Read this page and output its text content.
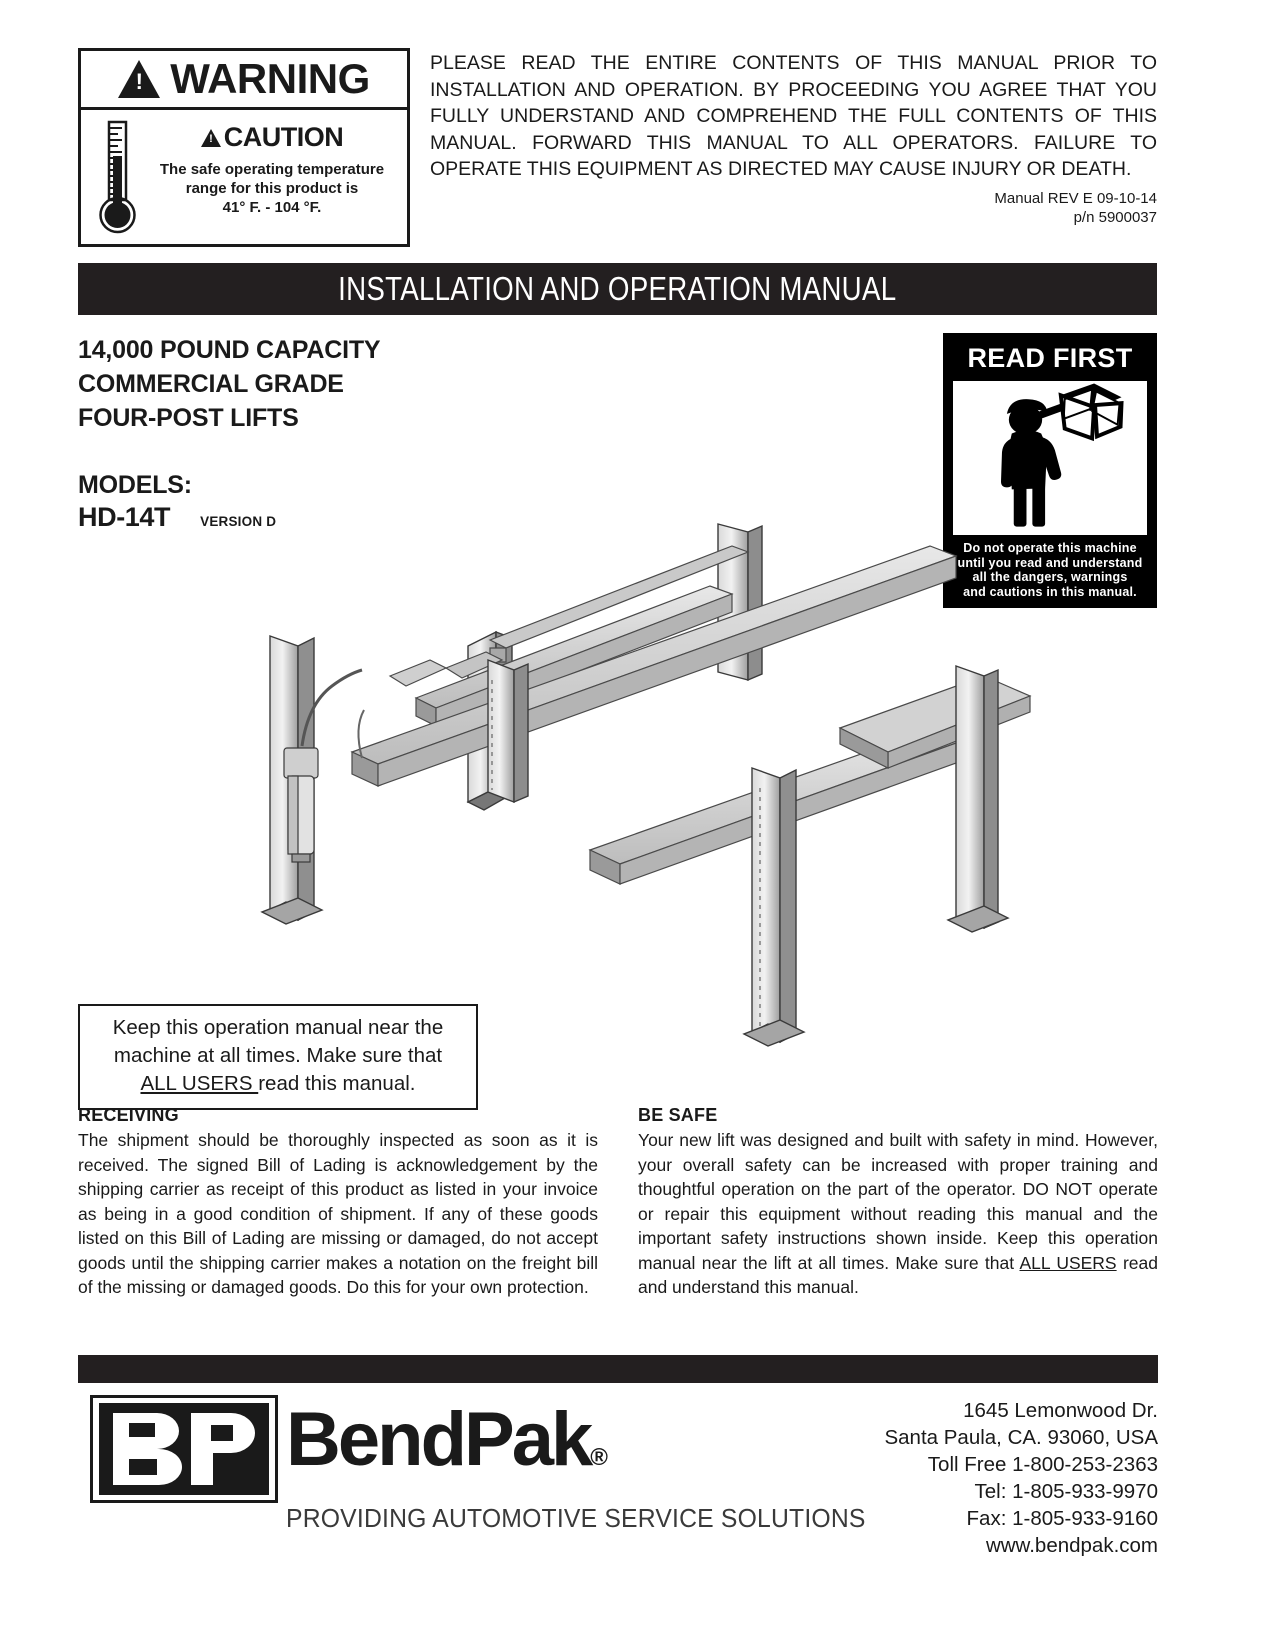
!
WARNING
!
CAUTION
The safe operating temperature
range for this product is
41° F. - 104 °F.

PLEASE READ THE ENTIRE CONTENTS OF THIS MANUAL PRIOR TO INSTALLATION AND OPERATION. BY PROCEEDING YOU AGREE THAT YOU FULLY UNDERSTAND AND COMPREHEND THE FULL CONTENTS OF THIS MANUAL. FORWARD THIS MANUAL TO ALL OPERATORS. FAILURE TO

OPERATE THIS EQUIPMENT AS DIRECTED MAY CAUSE INJURY OR DEATH.

Manual REV E 09-10-14
p/n 5900037
INSTALLATION AND OPERATION MANUAL
14,000 POUND CAPACITY
COMMERCIAL GRADE
FOUR-POST LIFTS
MODELS:
HD-14T VERSION D
READ FIRST
Do not operate this machine
until you read and understand
all the dangers, warnings
and cautions in this manual.
Keep this operation manual near the
machine at all times. Make sure that
ALL USERS read this manual.
RECEIVING

The shipment should be thoroughly inspected as soon as it is received. The signed Bill of Lading is acknowledgement by the shipping carrier as receipt of this product as listed in your invoice as being in a good condition of shipment. If any of these goods listed on this Bill of Lading are missing or damaged, do not accept goods until the shipping carrier makes a notation on the freight bill of the missing or damaged goods. Do this for your own protection.

BE SAFE

Your new lift was designed and built with safety in mind. However, your overall safety can be increased with proper training and thoughtful operation on the part of the operator. DO NOT operate or repair this equipment without reading this manual and the important safety instructions shown inside. Keep this operation manual near the lift at all times. Make sure that ALL USERS read and understand this manual.

BendPak®
PROVIDING AUTOMOTIVE SERVICE SOLUTIONS
1645 Lemonwood Dr.
Santa Paula, CA. 93060, USA
Toll Free 1-800-253-2363
Tel: 1-805-933-9970
Fax: 1-805-933-9160
www.bendpak.com
